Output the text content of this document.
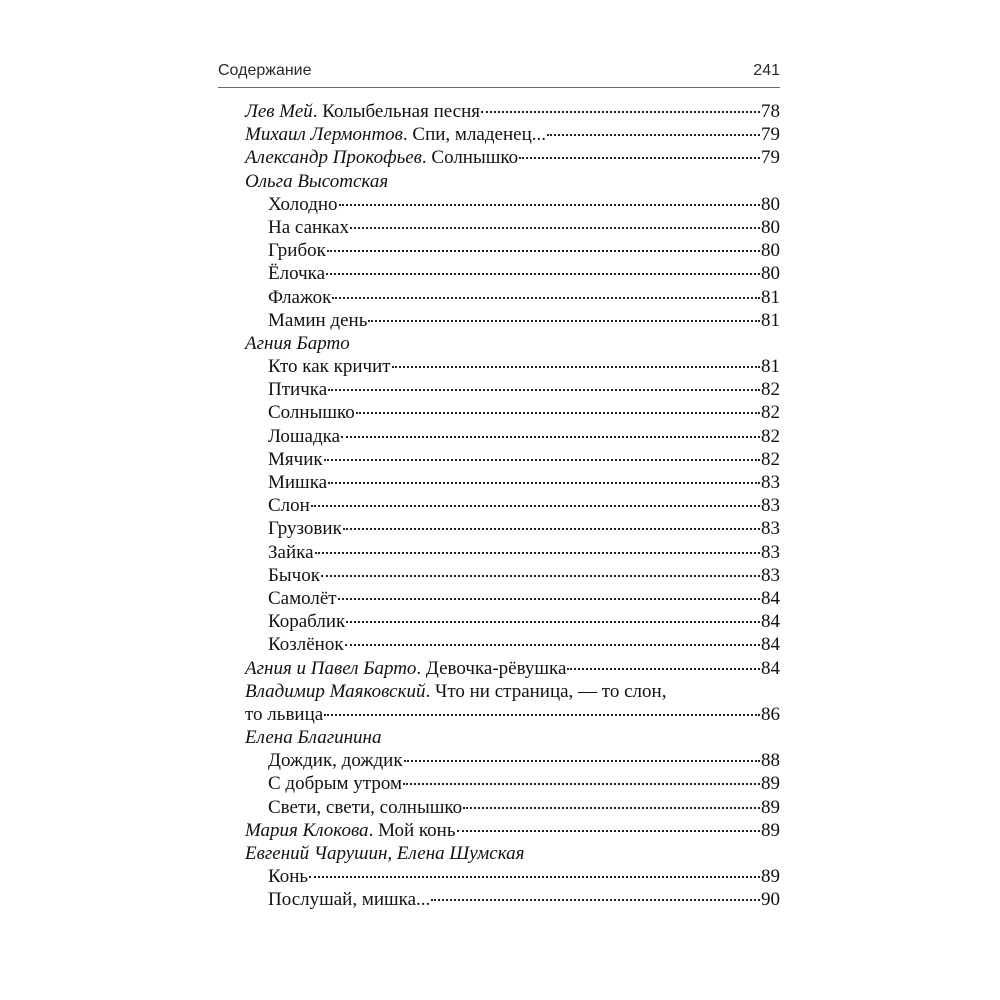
Содержание	241
Лев Мей . Колыбельная песня	78
Михаил Лермонтов . Спи, младенец...	79
Александр Прокофьев . Солнышко	79
Ольга Высотская
Холодно	80
На санках	80
Грибок	80
Ёлочка	80
Флажок	81
Мамин день	81
Агния Барто
Кто как кричит	81
Птичка	82
Солнышко	82
Лошадка	82
Мячик	82
Мишка	83
Слон	83
Грузовик	83
Зайка	83
Бычок	83
Самолёт	84
Кораблик	84
Козлёнок	84
Агния и Павел Барто . Девочка-рёвушка	84
Владимир Маяковский . Что ни страница, — то слон,
то львица	86
Елена Благинина
Дождик, дождик	88
С добрым утром	89
Свети, свети, солнышко	89
Мария Клокова . Мой конь	89
Евгений Чарушин, Елена Шумская
Конь	89
Послушай, мишка...	90
